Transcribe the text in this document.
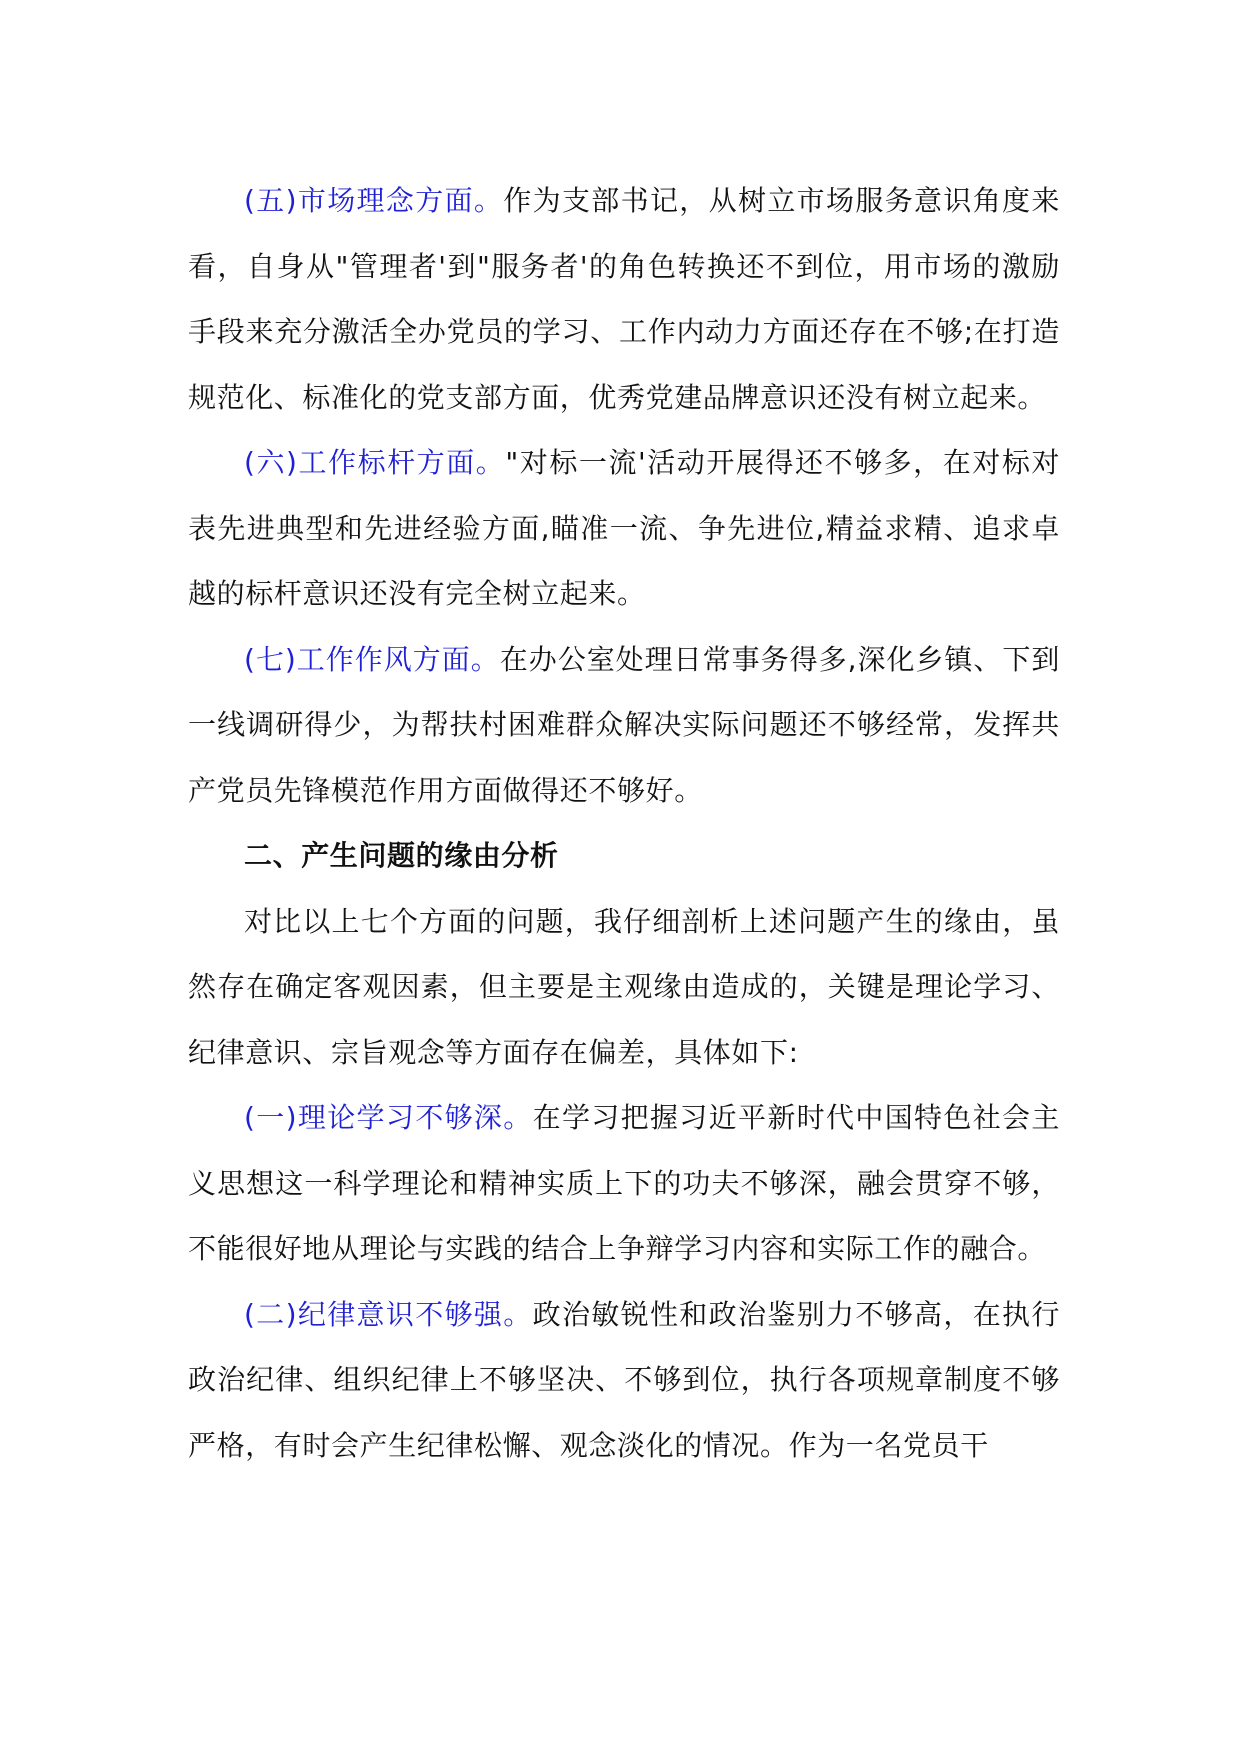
(五)市场理念方面。作为支部书记，从树立市场服务意识角度来看，自身从"管理者'到"服务者'的角色转换还不到位，用市场的激励手段来充分激活全办党员的学习、工作内动力方面还存在不够;在打造规范化、标准化的党支部方面，优秀党建品牌意识还没有树立起来。

(六)工作标杆方面。"对标一流'活动开展得还不够多，在对标对表先进典型和先进经验方面,瞄准一流、争先进位,精益求精、追求卓越的标杆意识还没有完全树立起来。

(七)工作作风方面。在办公室处理日常事务得多,深化乡镇、下到一线调研得少，为帮扶村困难群众解决实际问题还不够经常，发挥共产党员先锋模范作用方面做得还不够好。

二、产生问题的缘由分析

对比以上七个方面的问题，我仔细剖析上述问题产生的缘由，虽然存在确定客观因素，但主要是主观缘由造成的，关键是理论学习、纪律意识、宗旨观念等方面存在偏差，具体如下:

(一)理论学习不够深。在学习把握习近平新时代中国特色社会主义思想这一科学理论和精神实质上下的功夫不够深，融会贯穿不够，不能很好地从理论与实践的结合上争辩学习内容和实际工作的融合。

(二)纪律意识不够强。政治敏锐性和政治鉴别力不够高，在执行政治纪律、组织纪律上不够坚决、不够到位，执行各项规章制度不够严格，有时会产生纪律松懈、观念淡化的情况。作为一名党员干
